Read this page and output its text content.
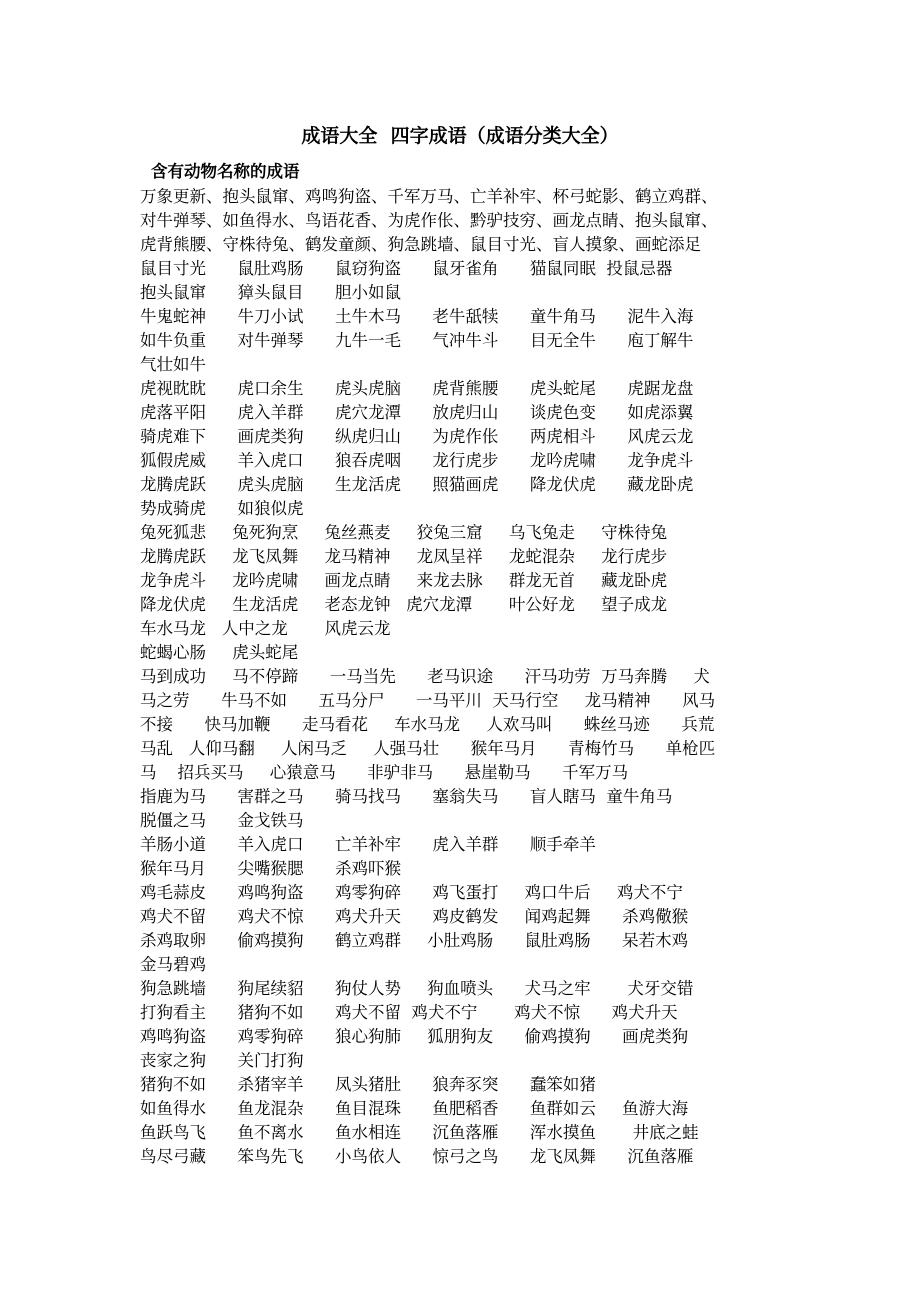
成语大全  四字成语（成语分类大全）
含有动物名称的成语
万象更新、抱头鼠窜、鸡鸣狗盗、千军万马、亡羊补牢、杯弓蛇影、鹤立鸡群、
对牛弹琴、如鱼得水、鸟语花香、为虎作伥、黔驴技穷、画龙点睛、抱头鼠窜、
虎背熊腰、守株待兔、鹤发童颜、狗急跳墙、鼠目寸光、盲人摸象、画蛇添足
鼠目寸光      鼠肚鸡肠      鼠窃狗盗      鼠牙雀角      猫鼠同眠  投鼠忌器
抱头鼠窜      獐头鼠目      胆小如鼠
牛鬼蛇神      牛刀小试      土牛木马      老牛舐犊      童牛角马      泥牛入海
如牛负重      对牛弹琴      九牛一毛      气冲牛斗      目无全牛      庖丁解牛
气壮如牛
虎视眈眈      虎口余生      虎头虎脑      虎背熊腰      虎头蛇尾      虎踞龙盘
虎落平阳      虎入羊群      虎穴龙潭      放虎归山      谈虎色变      如虎添翼
骑虎难下      画虎类狗      纵虎归山      为虎作伥      两虎相斗      风虎云龙
狐假虎威      羊入虎口      狼吞虎咽      龙行虎步      龙吟虎啸      龙争虎斗
龙腾虎跃      虎头虎脑      生龙活虎      照猫画虎      降龙伏虎      藏龙卧虎
势成骑虎      如狼似虎
兔死狐悲     兔死狗烹     兔丝燕麦     狡兔三窟     乌飞兔走     守株待兔
龙腾虎跃     龙飞凤舞     龙马精神     龙凤呈祥     龙蛇混杂     龙行虎步
龙争虎斗     龙吟虎啸     画龙点睛     来龙去脉     群龙无首     藏龙卧虎
降龙伏虎     生龙活虎     老态龙钟   虎穴龙潭       叶公好龙     望子成龙
车水马龙   人中之龙       风虎云龙
蛇蝎心肠     虎头蛇尾
马到成功     马不停蹄      一马当先      老马识途      汗马功劳  万马奔腾     犬
马之劳      牛马不如      五马分尸      一马平川  天马行空     龙马精神      风马
不接      快马加鞭      走马看花     车水马龙     人欢马叫      蛛丝马迹      兵荒
马乱   人仰马翻     人闲马乏     人强马壮      猴年马月      青梅竹马      单枪匹
马    招兵买马     心猿意马      非驴非马      悬崖勒马      千军万马
指鹿为马      害群之马      骑马找马      塞翁失马      盲人瞎马  童牛角马
脱僵之马      金戈铁马
羊肠小道      羊入虎口      亡羊补牢      虎入羊群      顺手牵羊
猴年马月      尖嘴猴腮      杀鸡吓猴
鸡毛蒜皮      鸡鸣狗盗      鸡零狗碎      鸡飞蛋打     鸡口牛后     鸡犬不宁
鸡犬不留      鸡犬不惊      鸡犬升天      鸡皮鹤发     闻鸡起舞      杀鸡儆猴
杀鸡取卵      偷鸡摸狗      鹤立鸡群     小肚鸡肠      鼠肚鸡肠      呆若木鸡
金马碧鸡
狗急跳墙      狗尾续貂      狗仗人势     狗血喷头      犬马之牢       犬牙交错
打狗看主      猪狗不如      鸡犬不留  鸡犬不宁       鸡犬不惊      鸡犬升天
鸡鸣狗盗      鸡零狗碎      狼心狗肺     狐朋狗友      偷鸡摸狗      画虎类狗
丧家之狗      关门打狗
猪狗不如      杀猪宰羊      凤头猪肚      狼奔豕突      蠢笨如猪
如鱼得水      鱼龙混杂      鱼目混珠      鱼肥稻香      鱼群如云     鱼游大海
鱼跃鸟飞      鱼不离水      鱼水相连      沉鱼落雁      浑水摸鱼       井底之蛙
鸟尽弓藏      笨鸟先飞      小鸟依人      惊弓之鸟      龙飞凤舞      沉鱼落雁
